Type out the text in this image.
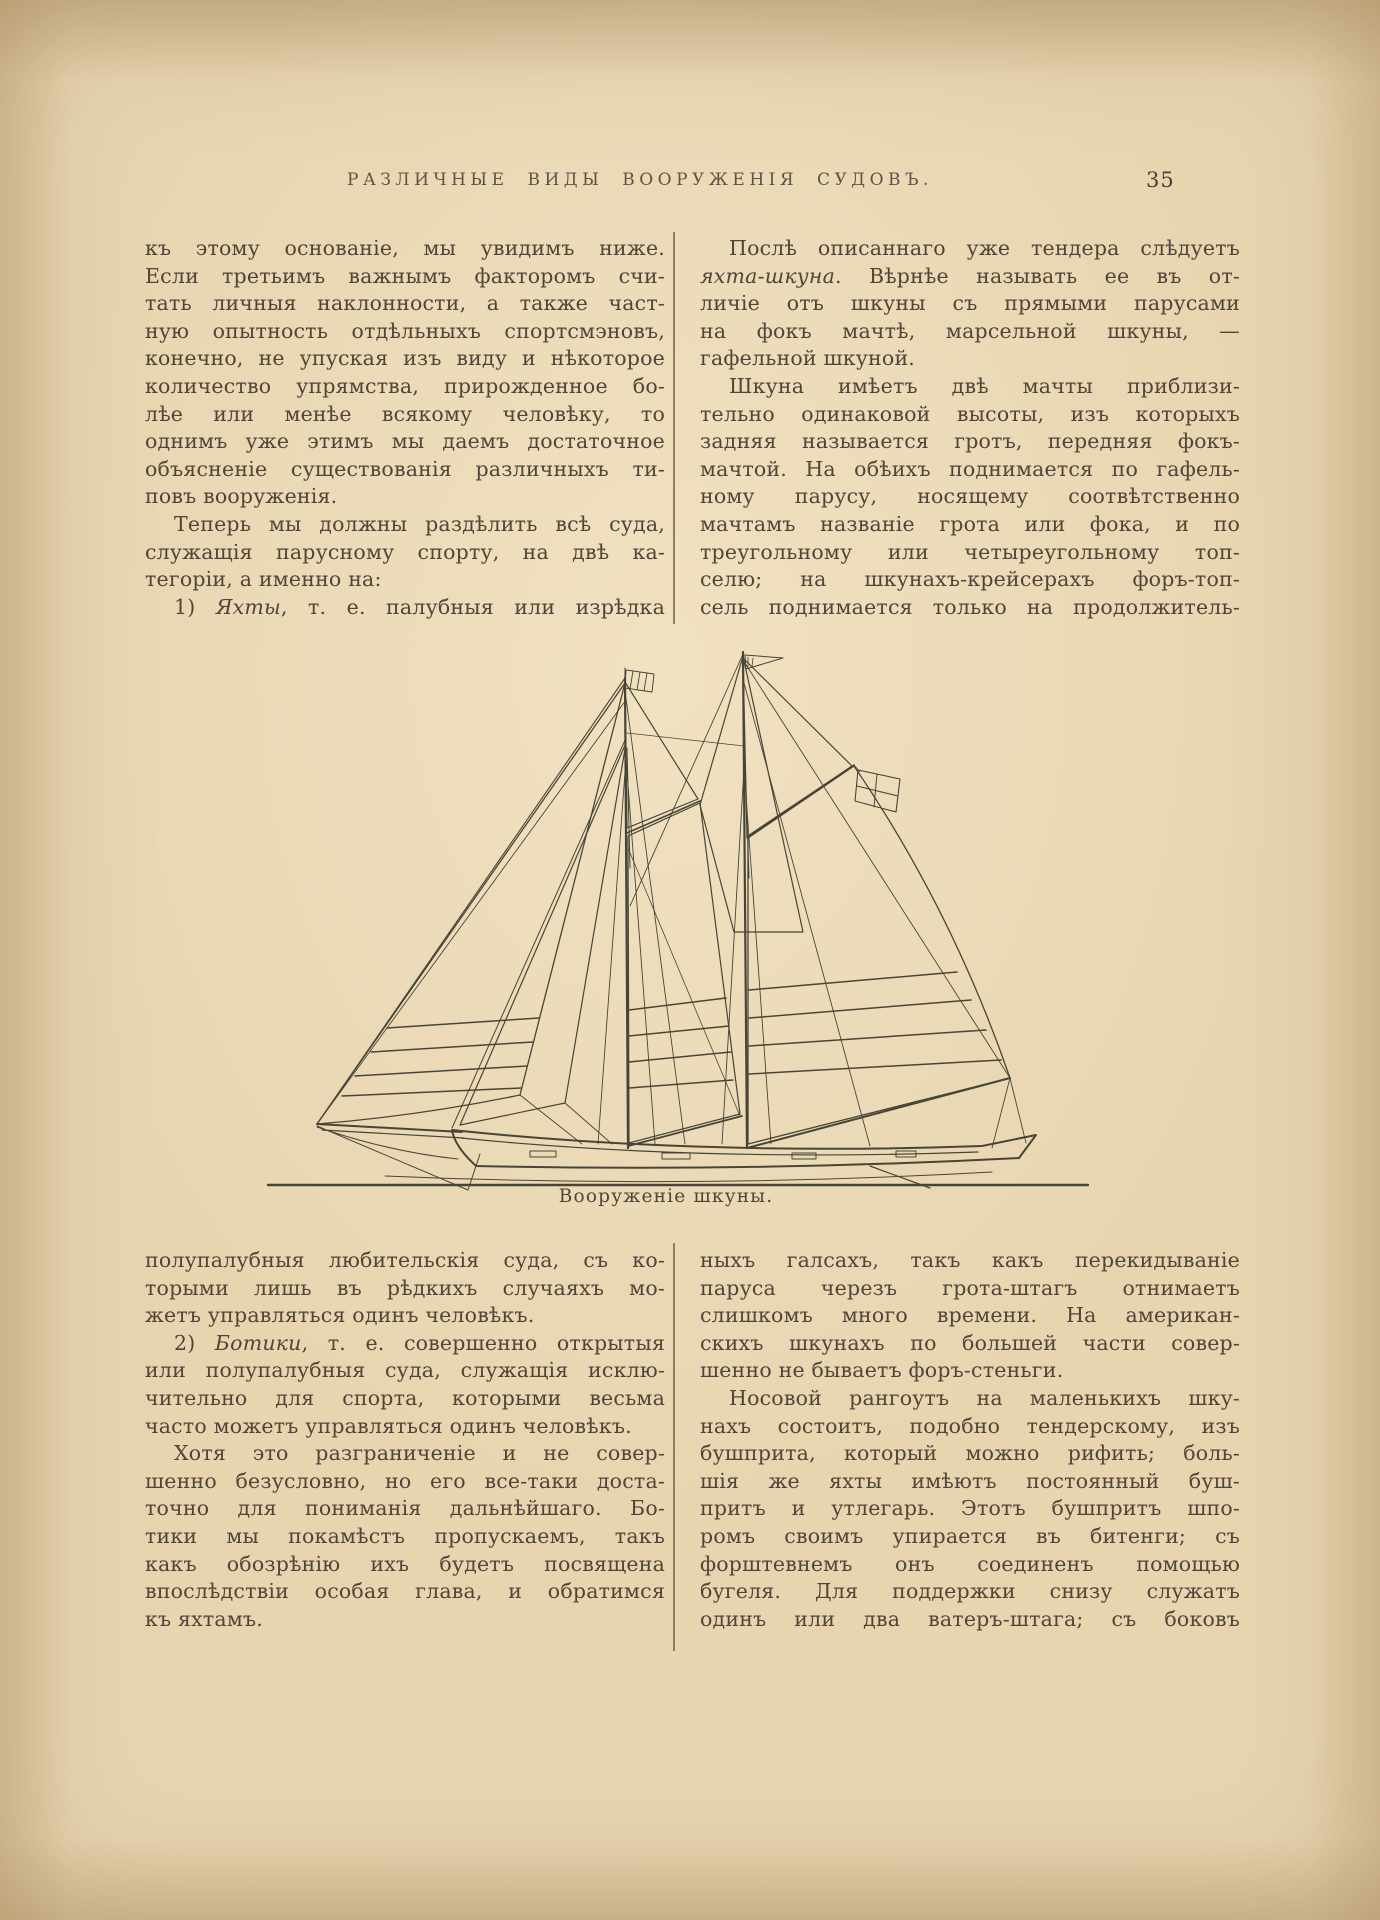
РАЗЛИЧНЫЕ ВИДЫ ВООРУЖЕНІЯ СУДОВЪ.	35
къ этому основаніе, мы увидимъ ниже.
Если третьимъ важнымъ факторомъ счи-
тать личныя наклонности, а также част-
ную опытность отдѣльныхъ спортсмэновъ,
конечно, не упуская изъ виду и нѣкоторое
количество упрямства, прирожденное бо-
лѣе или менѣе всякому человѣку, то
однимъ уже этимъ мы даемъ достаточное
объясненіе существованія различныхъ ти-
повъ вооруженія.
Теперь мы должны раздѣлить всѣ суда,
служащія парусному спорту, на двѣ ка-
тегоріи, а именно на:
1) Яхты, т. е. палубныя или изрѣдка
Послѣ описаннаго уже тендера слѣдуетъ
яхта-шкуна. Вѣрнѣе называть ее въ от-
личіе отъ шкуны съ прямыми парусами
на фокъ мачтѣ, марсельной шкуны, —
гафельной шкуной.
Шкуна имѣетъ двѣ мачты приблизи-
тельно одинаковой высоты, изъ которыхъ
задняя называется гротъ, передняя фокъ-
мачтой. На обѣихъ поднимается по гафель-
ному парусу, носящему соотвѣтственно
мачтамъ названіе грота или фока, и по
треугольному или четыреугольному топ-
селю; на шкунахъ-крейсерахъ форъ-топ-
сель поднимается только на продолжитель-
Вооруженіе шкуны.
полупалубныя любительскія суда, съ ко-
торыми лишь въ рѣдкихъ случаяхъ мо-
жетъ управляться одинъ человѣкъ.
2) Ботики, т. е. совершенно открытыя
или полупалубныя суда, служащія исклю-
чительно для спорта, которыми весьма
часто можетъ управляться одинъ человѣкъ.
Хотя это разграниченіе и не совер-
шенно безусловно, но его все-таки доста-
точно для пониманія дальнѣйшаго. Бо-
тики мы покамѣстъ пропускаемъ, такъ
какъ обозрѣнію ихъ будетъ посвящена
впослѣдствіи особая глава, и обратимся
къ яхтамъ.
ныхъ галсахъ, такъ какъ перекидываніе
паруса черезъ грота-штагъ отнимаетъ
слишкомъ много времени. На американ-
скихъ шкунахъ по большей части совер-
шенно не бываетъ форъ-стеньги.
Носовой рангоутъ на маленькихъ шку-
нахъ состоитъ, подобно тендерскому, изъ
бушприта, который можно рифить; боль-
шія же яхты имѣютъ постоянный буш-
притъ и утлегарь. Этотъ бушпритъ шпо-
ромъ своимъ упирается въ битенги; съ
форштевнемъ онъ соединенъ помощью
бугеля. Для поддержки снизу служатъ
одинъ или два ватеръ-штага; съ боковъ
